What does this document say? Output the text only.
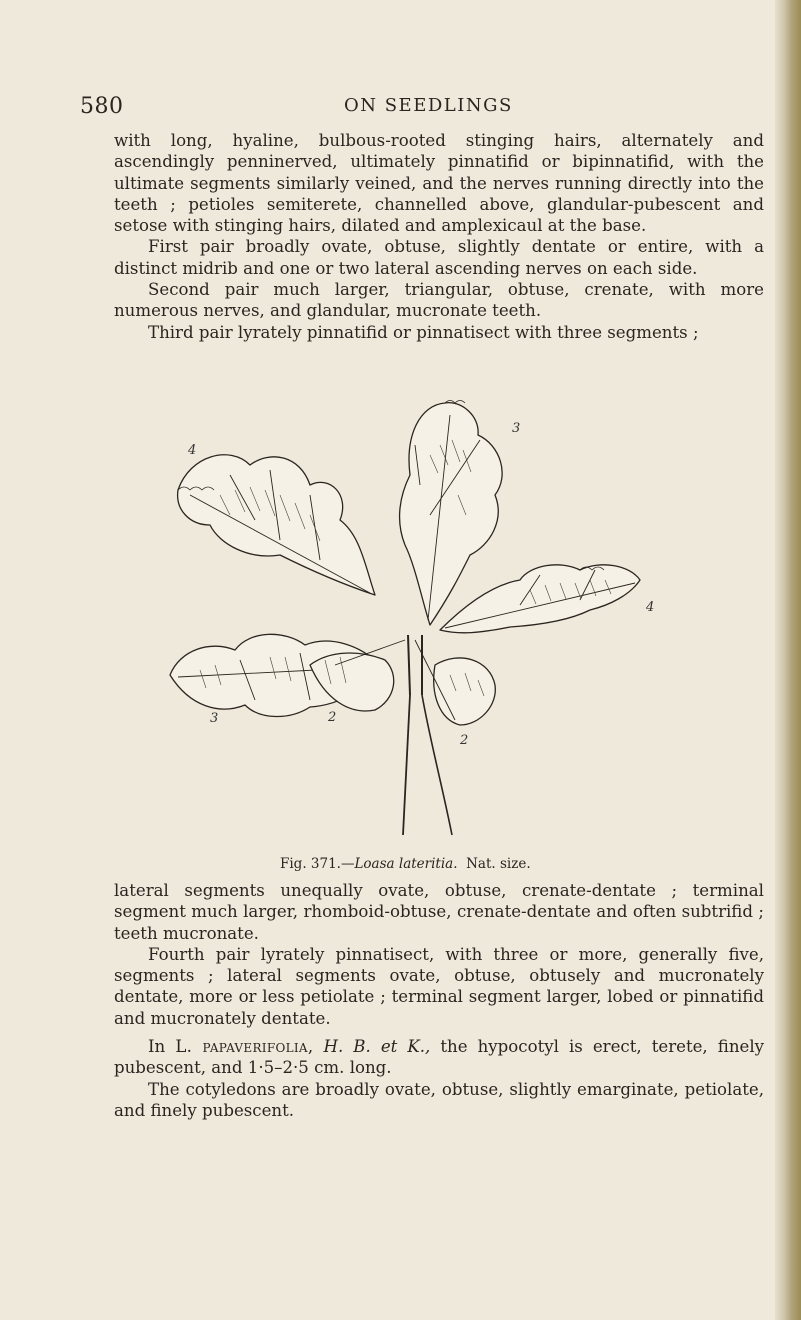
580	ON SEEDLINGS

with long, hyaline, bulbous-rooted stinging hairs, alternately and ascendingly penninerved, ultimately pinnatifid or bipinnatifid, with the ultimate segments similarly veined, and the nerves running directly into the teeth ; petioles semiterete, channelled above, glandular-pubescent and setose with stinging hairs, dilated and amplexicaul at the base.

First pair broadly ovate, obtuse, slightly dentate or entire, with a distinct midrib and one or two lateral ascending nerves on each side.

Second pair much larger, triangular, obtuse, crenate, with more numerous nerves, and glandular, mucronate teeth.

Third pair lyrately pinnatifid or pinnatisect with three segments ;

4
3
4
3	2
2
Fig. 371.—Loasa lateritia. Nat. size.

lateral segments unequally ovate, obtuse, crenate-dentate ; terminal segment much larger, rhomboid-obtuse, crenate-dentate and often subtrifid ; teeth mucronate.

Fourth pair lyrately pinnatisect, with three or more, generally five, segments ; lateral segments ovate, obtuse, obtusely and mucronately dentate, more or less petiolate ; terminal segment larger, lobed or pinnatifid and mucronately dentate.

In L. papaverifolia, H. B. et K., the hypocotyl is erect, terete, finely pubescent, and 1·5–2·5 cm. long.

The cotyledons are broadly ovate, obtuse, slightly emarginate, petiolate, and finely pubescent.
